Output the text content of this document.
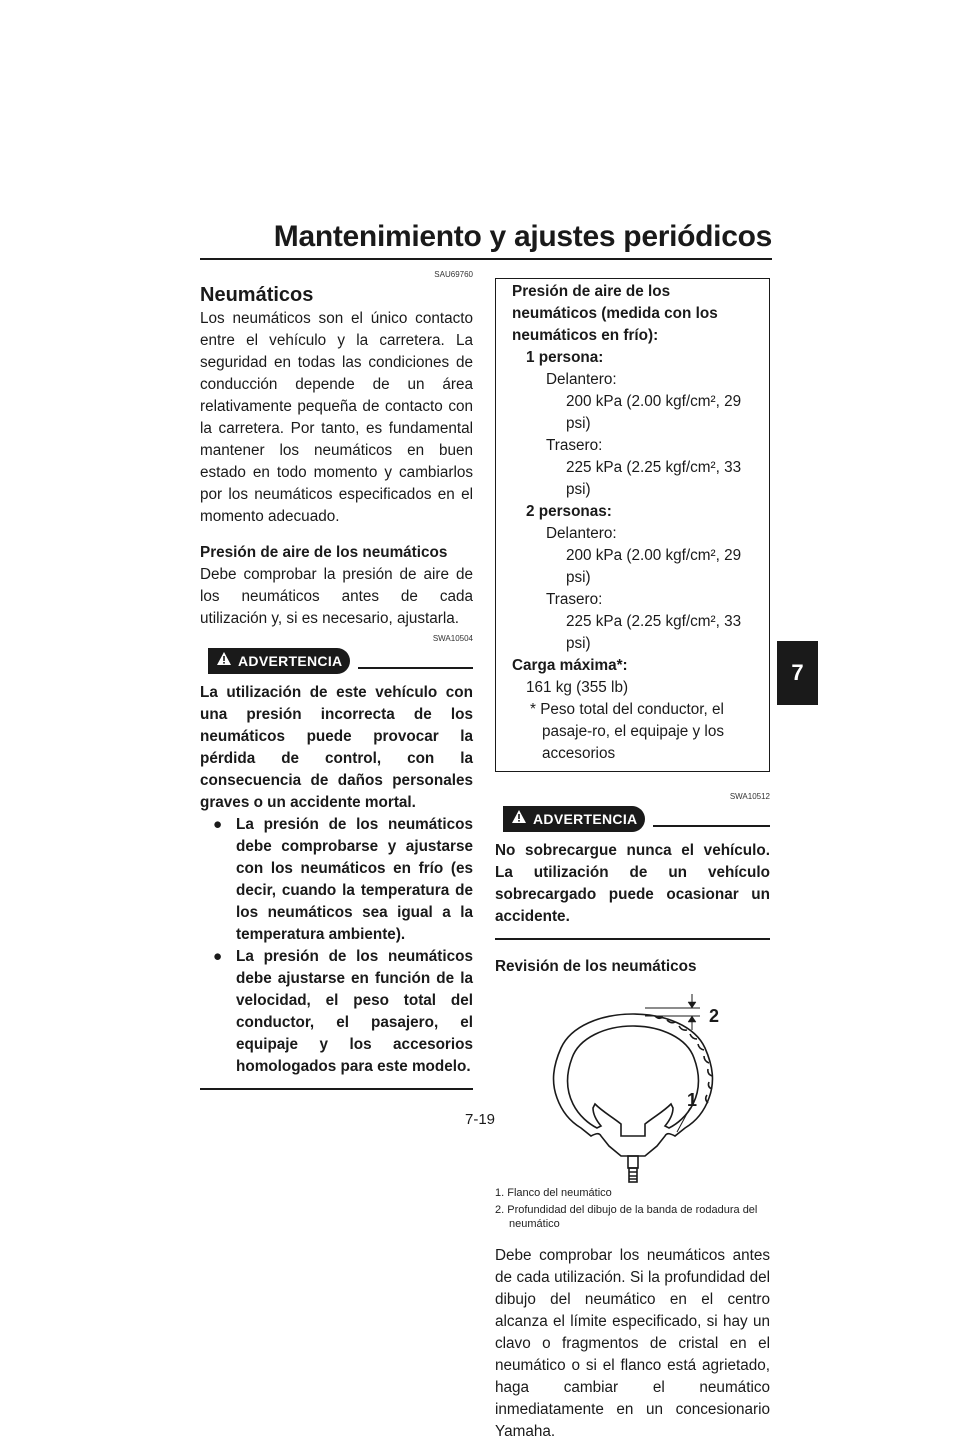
Mantenimiento y ajustes periódicos
7
SAU69760
Neumáticos
Los neumáticos son el único contacto entre el vehículo y la carretera. La seguridad en todas las condiciones de conducción depende de un área relativamente pequeña de contacto con la carretera. Por tanto, es fundamental mantener los neumáticos en buen estado en todo momento y cambiarlos por los neumáticos especificados en el momento adecuado.
Presión de aire de los neumáticos
Debe comprobar la presión de aire de los neumáticos antes de cada utilización y, si es necesario, ajustarla.
SWA10504
ADVERTENCIA
La utilización de este vehículo con una presión incorrecta de los neumáticos puede provocar la pérdida de control, con la consecuencia de daños personales graves o un accidente mortal.
● La presión de los neumáticos debe comprobarse y ajustarse con los neumáticos en frío (es decir, cuando la temperatura de los neumáticos sea igual a la temperatura ambiente).
● La presión de los neumáticos debe ajustarse en función de la velocidad, el peso total del conductor, el pasajero, el equipaje y los accesorios homologados para este modelo.
Presión de aire de los neumáticos (medida con los neumáticos en frío):
1 persona:
Delantero:
200 kPa (2.00 kgf/cm², 29 psi)
Trasero:
225 kPa (2.25 kgf/cm², 33 psi)
2 personas:
Delantero:
200 kPa (2.00 kgf/cm², 29 psi)
Trasero:
225 kPa (2.25 kgf/cm², 33 psi)
Carga máxima*:
161 kg (355 lb)
* Peso total del conductor, el pasaje-ro, el equipaje y los accesorios
SWA10512
ADVERTENCIA
No sobrecargue nunca el vehículo. La utilización de un vehículo sobrecargado puede ocasionar un accidente.
Revisión de los neumáticos
2
1
1. Flanco del neumático
2. Profundidad del dibujo de la banda de rodadura del neumático
Debe comprobar los neumáticos antes de cada utilización. Si la profundidad del dibujo del neumático en el centro alcanza el límite especificado, si hay un clavo o fragmentos de cristal en el neumático o si el flanco está agrietado, haga cambiar el neumático inmediatamente en un concesionario Yamaha.
7-19
